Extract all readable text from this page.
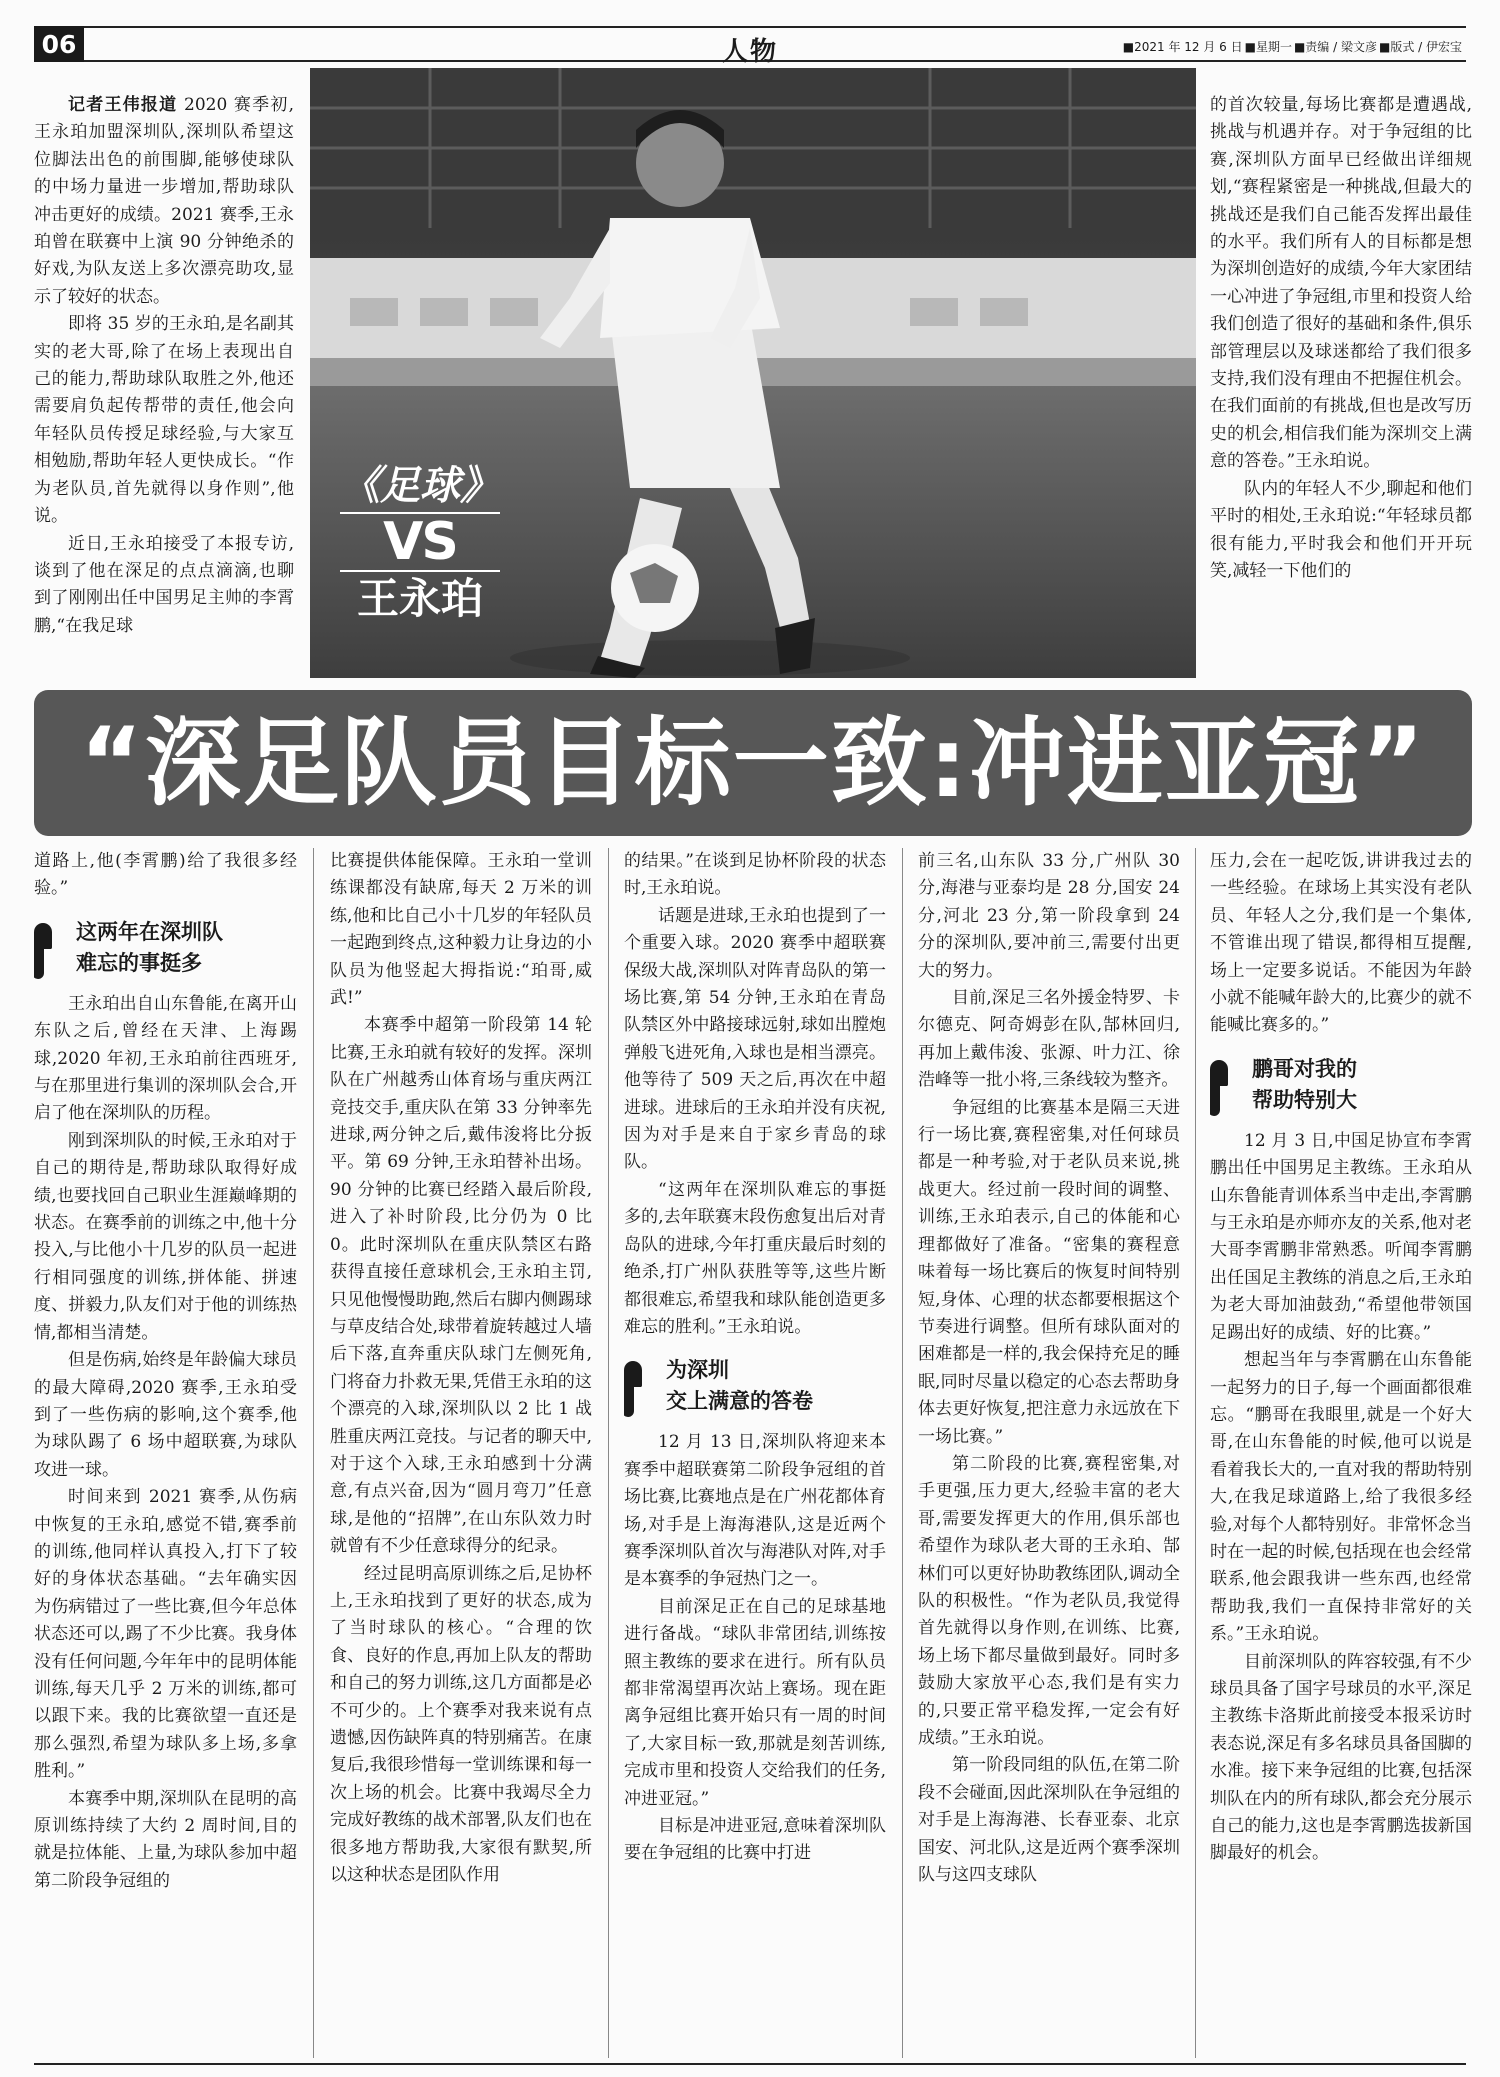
06	人物	■2021 年 12 月 6 日 ■星期一 ■责编 / 梁文彦 ■版式 / 伊宏宝

记者王伟报道 2020 赛季初,王永珀加盟深圳队,深圳队希望这位脚法出色的前围脚,能够使球队的中场力量进一步增加,帮助球队冲击更好的成绩。2021 赛季,王永珀曾在联赛中上演 90 分钟绝杀的好戏,为队友送上多次漂亮助攻,显示了较好的状态。

即将 35 岁的王永珀,是名副其实的老大哥,除了在场上表现出自己的能力,帮助球队取胜之外,他还需要肩负起传帮带的责任,他会向年轻队员传授足球经验,与大家互相勉励,帮助年轻人更快成长。“作为老队员,首先就得以身作则”,他说。

近日,王永珀接受了本报专访,谈到了他在深足的点点滴滴,也聊到了刚刚出任中国男足主帅的李霄鹏,“在我足球

《足球》
VS
王永珀

的首次较量,每场比赛都是遭遇战,挑战与机遇并存。对于争冠组的比赛,深圳队方面早已经做出详细规划,“赛程紧密是一种挑战,但最大的挑战还是我们自己能否发挥出最佳的水平。我们所有人的目标都是想为深圳创造好的成绩,今年大家团结一心冲进了争冠组,市里和投资人给我们创造了很好的基础和条件,俱乐部管理层以及球迷都给了我们很多支持,我们没有理由不把握住机会。在我们面前的有挑战,但也是改写历史的机会,相信我们能为深圳交上满意的答卷。”王永珀说。

队内的年轻人不少,聊起和他们平时的相处,王永珀说:“年轻球员都很有能力,平时我会和他们开开玩笑,减轻一下他们的

“深足队员目标一致:冲进亚冠”

道路上,他(李霄鹏)给了我很多经验。”

这两年在深圳队
难忘的事挺多

王永珀出自山东鲁能,在离开山东队之后,曾经在天津、上海踢球,2020 年初,王永珀前往西班牙,与在那里进行集训的深圳队会合,开启了他在深圳队的历程。

刚到深圳队的时候,王永珀对于自己的期待是,帮助球队取得好成绩,也要找回自己职业生涯巅峰期的状态。在赛季前的训练之中,他十分投入,与比他小十几岁的队员一起进行相同强度的训练,拼体能、拼速度、拼毅力,队友们对于他的训练热情,都相当清楚。

但是伤病,始终是年龄偏大球员的最大障碍,2020 赛季,王永珀受到了一些伤病的影响,这个赛季,他为球队踢了 6 场中超联赛,为球队攻进一球。

时间来到 2021 赛季,从伤病中恢复的王永珀,感觉不错,赛季前的训练,他同样认真投入,打下了较好的身体状态基础。“去年确实因为伤病错过了一些比赛,但今年总体状态还可以,踢了不少比赛。我身体没有任何问题,今年年中的昆明体能训练,每天几乎 2 万米的训练,都可以跟下来。我的比赛欲望一直还是那么强烈,希望为球队多上场,多拿胜利。”

本赛季中期,深圳队在昆明的高原训练持续了大约 2 周时间,目的就是拉体能、上量,为球队参加中超第二阶段争冠组的

比赛提供体能保障。王永珀一堂训练课都没有缺席,每天 2 万米的训练,他和比自己小十几岁的年轻队员一起跑到终点,这种毅力让身边的小队员为他竖起大拇指说:“珀哥,威武!”

本赛季中超第一阶段第 14 轮比赛,王永珀就有较好的发挥。深圳队在广州越秀山体育场与重庆两江竞技交手,重庆队在第 33 分钟率先进球,两分钟之后,戴伟浚将比分扳平。第 69 分钟,王永珀替补出场。90 分钟的比赛已经踏入最后阶段,进入了补时阶段,比分仍为 0 比 0。此时深圳队在重庆队禁区右路获得直接任意球机会,王永珀主罚,只见他慢慢助跑,然后右脚内侧踢球与草皮结合处,球带着旋转越过人墙后下落,直奔重庆队球门左侧死角,门将奋力扑救无果,凭借王永珀的这个漂亮的入球,深圳队以 2 比 1 战胜重庆两江竞技。与记者的聊天中,对于这个入球,王永珀感到十分满意,有点兴奋,因为“圆月弯刀”任意球,是他的“招牌”,在山东队效力时就曾有不少任意球得分的纪录。

经过昆明高原训练之后,足协杯上,王永珀找到了更好的状态,成为了当时球队的核心。“合理的饮食、良好的作息,再加上队友的帮助和自己的努力训练,这几方面都是必不可少的。上个赛季对我来说有点遗憾,因伤缺阵真的特别痛苦。在康复后,我很珍惜每一堂训练课和每一次上场的机会。比赛中我竭尽全力完成好教练的战术部署,队友们也在很多地方帮助我,大家很有默契,所以这种状态是团队作用

的结果。”在谈到足协杯阶段的状态时,王永珀说。

话题是进球,王永珀也提到了一个重要入球。2020 赛季中超联赛保级大战,深圳队对阵青岛队的第一场比赛,第 54 分钟,王永珀在青岛队禁区外中路接球远射,球如出膛炮弹般飞进死角,入球也是相当漂亮。他等待了 509 天之后,再次在中超进球。进球后的王永珀并没有庆祝,因为对手是来自于家乡青岛的球队。

“这两年在深圳队难忘的事挺多的,去年联赛末段伤愈复出后对青岛队的进球,今年打重庆最后时刻的绝杀,打广州队获胜等等,这些片断都很难忘,希望我和球队能创造更多难忘的胜利。”王永珀说。

为深圳
交上满意的答卷

12 月 13 日,深圳队将迎来本赛季中超联赛第二阶段争冠组的首场比赛,比赛地点是在广州花都体育场,对手是上海海港队,这是近两个赛季深圳队首次与海港队对阵,对手是本赛季的争冠热门之一。

目前深足正在自己的足球基地进行备战。“球队非常团结,训练按照主教练的要求在进行。所有队员都非常渴望再次站上赛场。现在距离争冠组比赛开始只有一周的时间了,大家目标一致,那就是刻苦训练,完成市里和投资人交给我们的任务,冲进亚冠。”

目标是冲进亚冠,意味着深圳队要在争冠组的比赛中打进

前三名,山东队 33 分,广州队 30 分,海港与亚泰均是 28 分,国安 24 分,河北 23 分,第一阶段拿到 24 分的深圳队,要冲前三,需要付出更大的努力。

目前,深足三名外援金特罗、卡尔德克、阿奇姆彭在队,郜林回归,再加上戴伟浚、张源、叶力江、徐浩峰等一批小将,三条线较为整齐。

争冠组的比赛基本是隔三天进行一场比赛,赛程密集,对任何球员都是一种考验,对于老队员来说,挑战更大。经过前一段时间的调整、训练,王永珀表示,自己的体能和心理都做好了准备。“密集的赛程意味着每一场比赛后的恢复时间特别短,身体、心理的状态都要根据这个节奏进行调整。但所有球队面对的困难都是一样的,我会保持充足的睡眠,同时尽量以稳定的心态去帮助身体去更好恢复,把注意力永远放在下一场比赛。”

第二阶段的比赛,赛程密集,对手更强,压力更大,经验丰富的老大哥,需要发挥更大的作用,俱乐部也希望作为球队老大哥的王永珀、郜林们可以更好协助教练团队,调动全队的积极性。“作为老队员,我觉得首先就得以身作则,在训练、比赛,场上场下都尽量做到最好。同时多鼓励大家放平心态,我们是有实力的,只要正常平稳发挥,一定会有好成绩。”王永珀说。

第一阶段同组的队伍,在第二阶段不会碰面,因此深圳队在争冠组的对手是上海海港、长春亚泰、北京国安、河北队,这是近两个赛季深圳队与这四支球队

压力,会在一起吃饭,讲讲我过去的一些经验。在球场上其实没有老队员、年轻人之分,我们是一个集体,不管谁出现了错误,都得相互提醒,场上一定要多说话。不能因为年龄小就不能喊年龄大的,比赛少的就不能喊比赛多的。”

鹏哥对我的
帮助特别大

12 月 3 日,中国足协宣布李霄鹏出任中国男足主教练。王永珀从山东鲁能青训体系当中走出,李霄鹏与王永珀是亦师亦友的关系,他对老大哥李霄鹏非常熟悉。听闻李霄鹏出任国足主教练的消息之后,王永珀为老大哥加油鼓劲,“希望他带领国足踢出好的成绩、好的比赛。”

想起当年与李霄鹏在山东鲁能一起努力的日子,每一个画面都很难忘。“鹏哥在我眼里,就是一个好大哥,在山东鲁能的时候,他可以说是看着我长大的,一直对我的帮助特别大,在我足球道路上,给了我很多经验,对每个人都特别好。非常怀念当时在一起的时候,包括现在也会经常联系,他会跟我讲一些东西,也经常帮助我,我们一直保持非常好的关系。”王永珀说。

目前深圳队的阵容较强,有不少球员具备了国字号球员的水平,深足主教练卡洛斯此前接受本报采访时表态说,深足有多名球员具备国脚的水准。接下来争冠组的比赛,包括深圳队在内的所有球队,都会充分展示自己的能力,这也是李霄鹏选拔新国脚最好的机会。
